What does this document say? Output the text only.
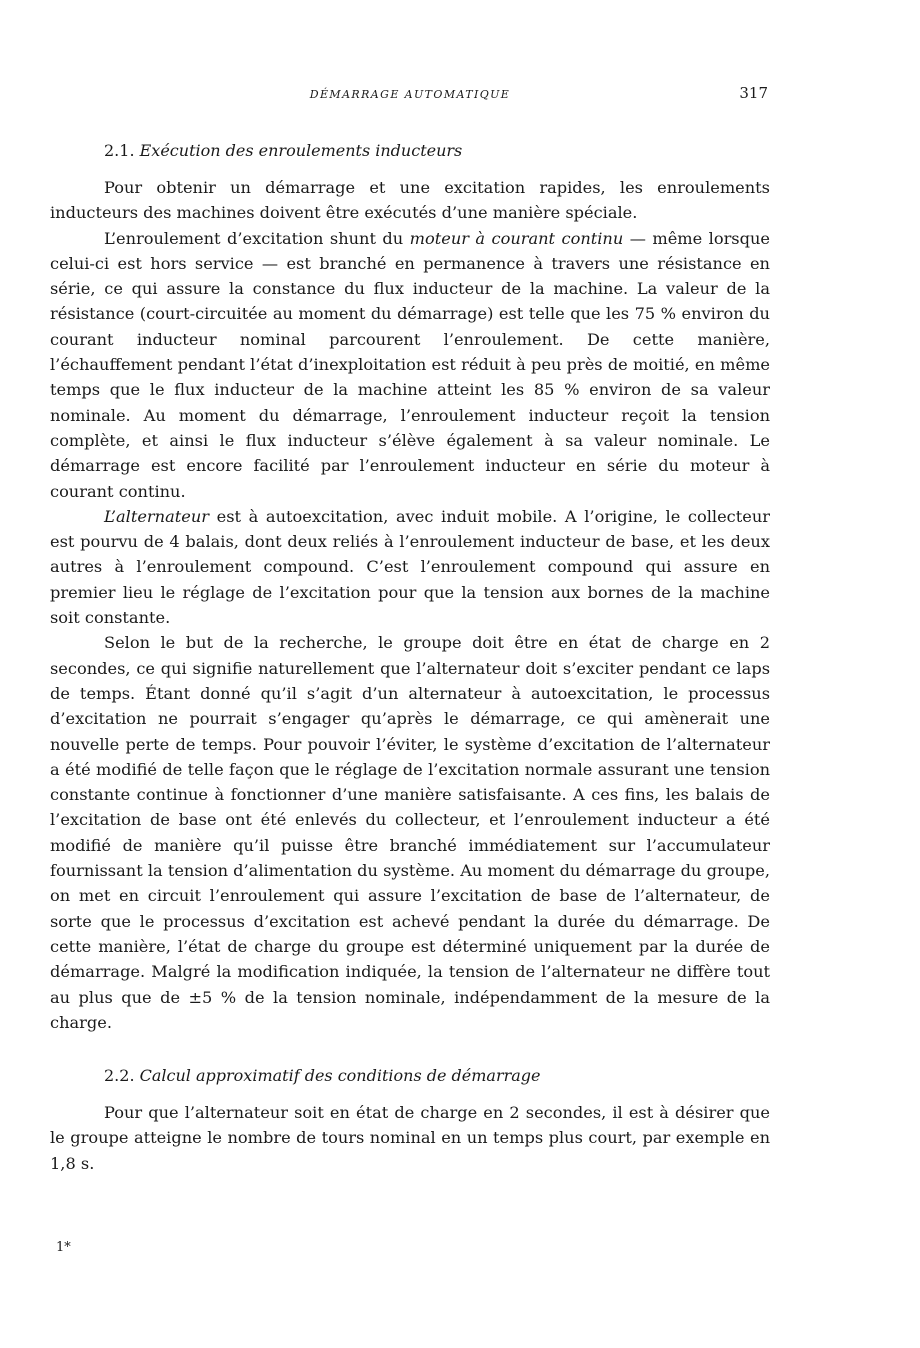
DÉMARRAGE AUTOMATIQUE	317
2.1. Exécution des enroulements inducteurs

Pour obtenir un démarrage et une excitation rapides, les enroulements inducteurs des machines doivent être exécutés d’une manière spéciale.

L’enroulement d’excitation shunt du moteur à courant continu — même lorsque celui-ci est hors service — est branché en permanence à travers une résistance en série, ce qui assure la constance du flux inducteur de la machine. La valeur de la résistance (court-circuitée au moment du démarrage) est telle que les 75 % environ du courant inducteur nominal parcourent l’enroulement. De cette manière, l’échauffement pendant l’état d’inexploitation est réduit à peu près de moitié, en même temps que le flux inducteur de la machine atteint les 85 % environ de sa valeur nominale. Au moment du démarrage, l’enroulement inducteur reçoit la tension complète, et ainsi le flux inducteur s’élève également à sa valeur nominale. Le démarrage est encore facilité par l’enroulement inducteur en série du moteur à courant continu.

L’alternateur est à autoexcitation, avec induit mobile. A l’origine, le collecteur est pourvu de 4 balais, dont deux reliés à l’enroulement inducteur de base, et les deux autres à l’enroulement compound. C’est l’enroulement compound qui assure en premier lieu le réglage de l’excitation pour que la tension aux bornes de la machine soit constante.

Selon le but de la recherche, le groupe doit être en état de charge en 2 secondes, ce qui signifie naturellement que l’alternateur doit s’exciter pendant ce laps de temps. Étant donné qu’il s’agit d’un alternateur à autoexcitation, le processus d’excitation ne pourrait s’engager qu’après le démarrage, ce qui amènerait une nouvelle perte de temps. Pour pouvoir l’éviter, le système d’excitation de l’alternateur a été modifié de telle façon que le réglage de l’excitation normale assurant une tension constante continue à fonctionner d’une manière satisfaisante. A ces fins, les balais de l’excitation de base ont été enlevés du collecteur, et l’enroulement inducteur a été modifié de manière qu’il puisse être branché immédiatement sur l’accumulateur fournissant la tension d’alimentation du système. Au moment du démarrage du groupe, on met en circuit l’enroulement qui assure l’excitation de base de l’alternateur, de sorte que le processus d’excitation est achevé pendant la durée du démarrage. De cette manière, l’état de charge du groupe est déterminé uniquement par la durée de démarrage. Malgré la modification indiquée, la tension de l’alternateur ne diffère tout au plus que de ±5 % de la tension nominale, indépendamment de la mesure de la charge.

2.2. Calcul approximatif des conditions de démarrage

Pour que l’alternateur soit en état de charge en 2 secondes, il est à désirer que le groupe atteigne le nombre de tours nominal en un temps plus court, par exemple en 1,8 s.

1*
